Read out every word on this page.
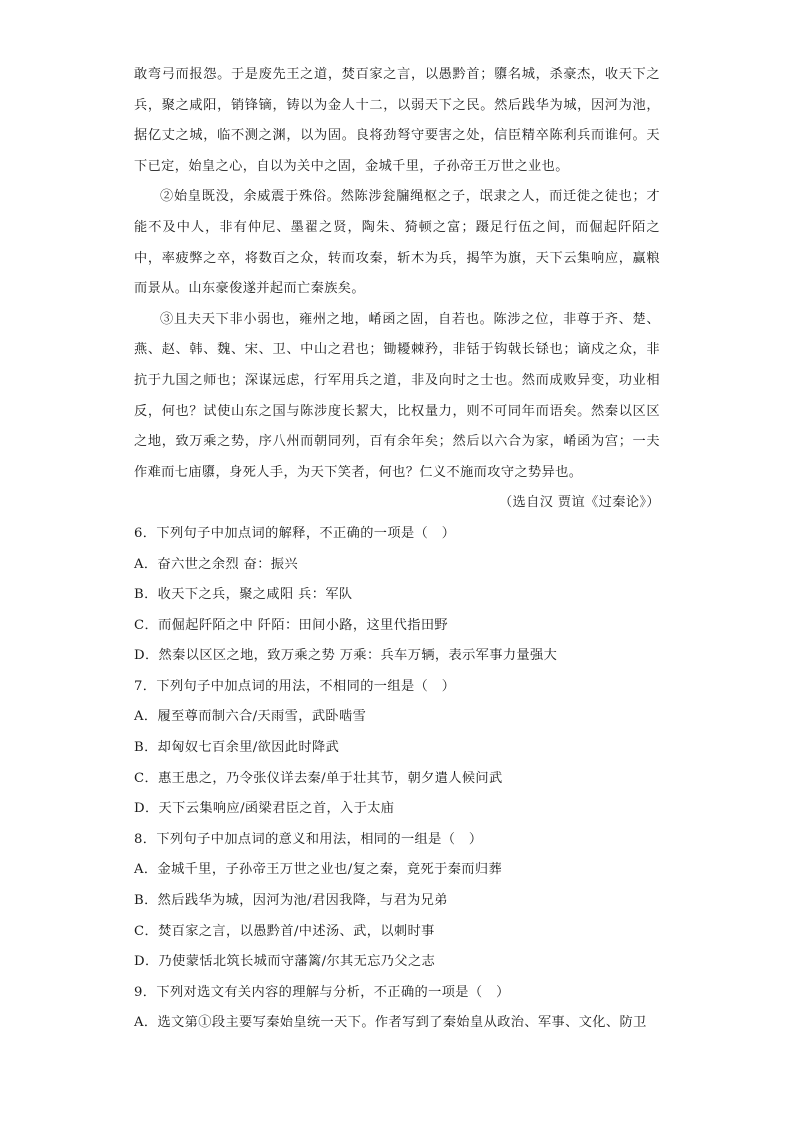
敢弯弓而报怨。于是废先王之道，焚百家之言，以愚黔首；隳名城，杀豪杰，收天下之兵，聚之咸阳，销锋镝，铸以为金人十二，以弱天下之民。然后践华为城，因河为池，据亿丈之城，临不测之渊，以为固。良将劲弩守要害之处，信臣精卒陈利兵而谁何。天下已定，始皇之心，自以为关中之固，金城千里，子孙帝王万世之业也。

②始皇既没，余威震于殊俗。然陈涉瓮牖绳枢之子，氓隶之人，而迁徙之徒也；才能不及中人，非有仲尼、墨翟之贤，陶朱、猗顿之富；蹑足行伍之间，而倔起阡陌之中，率疲弊之卒，将数百之众，转而攻秦，斩木为兵，揭竿为旗，天下云集响应，赢粮而景从。山东豪俊遂并起而亡秦族矣。

③且夫天下非小弱也，雍州之地，崤函之固，自若也。陈涉之位，非尊于齐、楚、燕、赵、韩、魏、宋、卫、中山之君也；锄耰棘矜，非铦于钩戟长铩也；谪戍之众，非抗于九国之师也；深谋远虑，行军用兵之道，非及向时之士也。然而成败异变，功业相反，何也？试使山东之国与陈涉度长絜大，比权量力，则不可同年而语矣。然秦以区区之地，致万乘之势，序八州而朝同列，百有余年矣；然后以六合为家，崤函为宫；一夫作难而七庙隳，身死人手，为天下笑者，何也？仁义不施而攻守之势异也。

（选自汉 贾谊《过秦论》）

6．下列句子中加点词的解释，不正确的一项是（　）

A．奋六世之余烈 奋：振兴

B．收天下之兵，聚之咸阳 兵：军队

C．而倔起阡陌之中 阡陌：田间小路，这里代指田野

D．然秦以区区之地，致万乘之势 万乘：兵车万辆，表示军事力量强大

7．下列句子中加点词的用法，不相同的一组是（　）

A．履至尊而制六合/天雨雪，武卧啮雪

B．却匈奴七百余里/欲因此时降武

C．惠王患之，乃令张仪详去秦/单于壮其节，朝夕遣人候问武

D．天下云集响应/函梁君臣之首，入于太庙

8．下列句子中加点词的意义和用法，相同的一组是（　）

A．金城千里，子孙帝王万世之业也/复之秦，竟死于秦而归葬

B．然后践华为城，因河为池/君因我降，与君为兄弟

C．焚百家之言，以愚黔首/中述汤、武，以刺时事

D．乃使蒙恬北筑长城而守藩篱/尔其无忘乃父之志

9．下列对选文有关内容的理解与分析，不正确的一项是（　）

A．选文第①段主要写秦始皇统一天下。作者写到了秦始皇从政治、军事、文化、防卫
